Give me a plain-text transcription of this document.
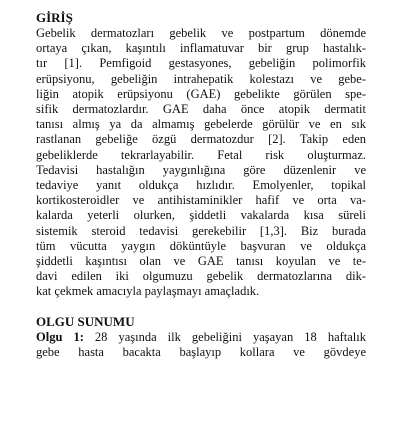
GİRİŞ
Gebelik dermatozları gebelik ve postpartum dönemde
ortaya çıkan, kaşıntılı inflamatuvar bir grup hastalık-
tır [1]. Pemfigoid gestasyones, gebeliğin polimorfik
erüpsiyonu, gebeliğin intrahepatik kolestazı ve gebe-
liğin atopik erüpsiyonu (GAE) gebelikte görülen spe-
sifik dermatozlardır. GAE daha önce atopik dermatit
tanısı almış ya da almamış gebelerde görülür ve en sık
rastlanan gebeliğe özgü dermatozdur [2]. Takip eden
gebeliklerde tekrarlayabilir. Fetal risk oluşturmaz.
Tedavisi hastalığın yaygınlığına göre düzenlenir ve
tedaviye yanıt oldukça hızlıdır. Emolyenler, topikal
kortikosteroidler ve antihistaminikler hafif ve orta va-
kalarda yeterli olurken, şiddetli vakalarda kısa süreli
sistemik steroid tedavisi gerekebilir [1,3]. Biz burada
tüm vücutta yaygın döküntüyle başvuran ve oldukça
şiddetli kaşıntısı olan ve GAE tanısı koyulan ve te-
davi edilen iki olgumuzu gebelik dermatozlarına dik-
kat çekmek amacıyla paylaşmayı amaçladık.
OLGU SUNUMU
Olgu 1: 28 yaşında ilk gebeliğini yaşayan 18 haftalık
gebe hasta bacakta başlayıp kollara ve gövdeye
